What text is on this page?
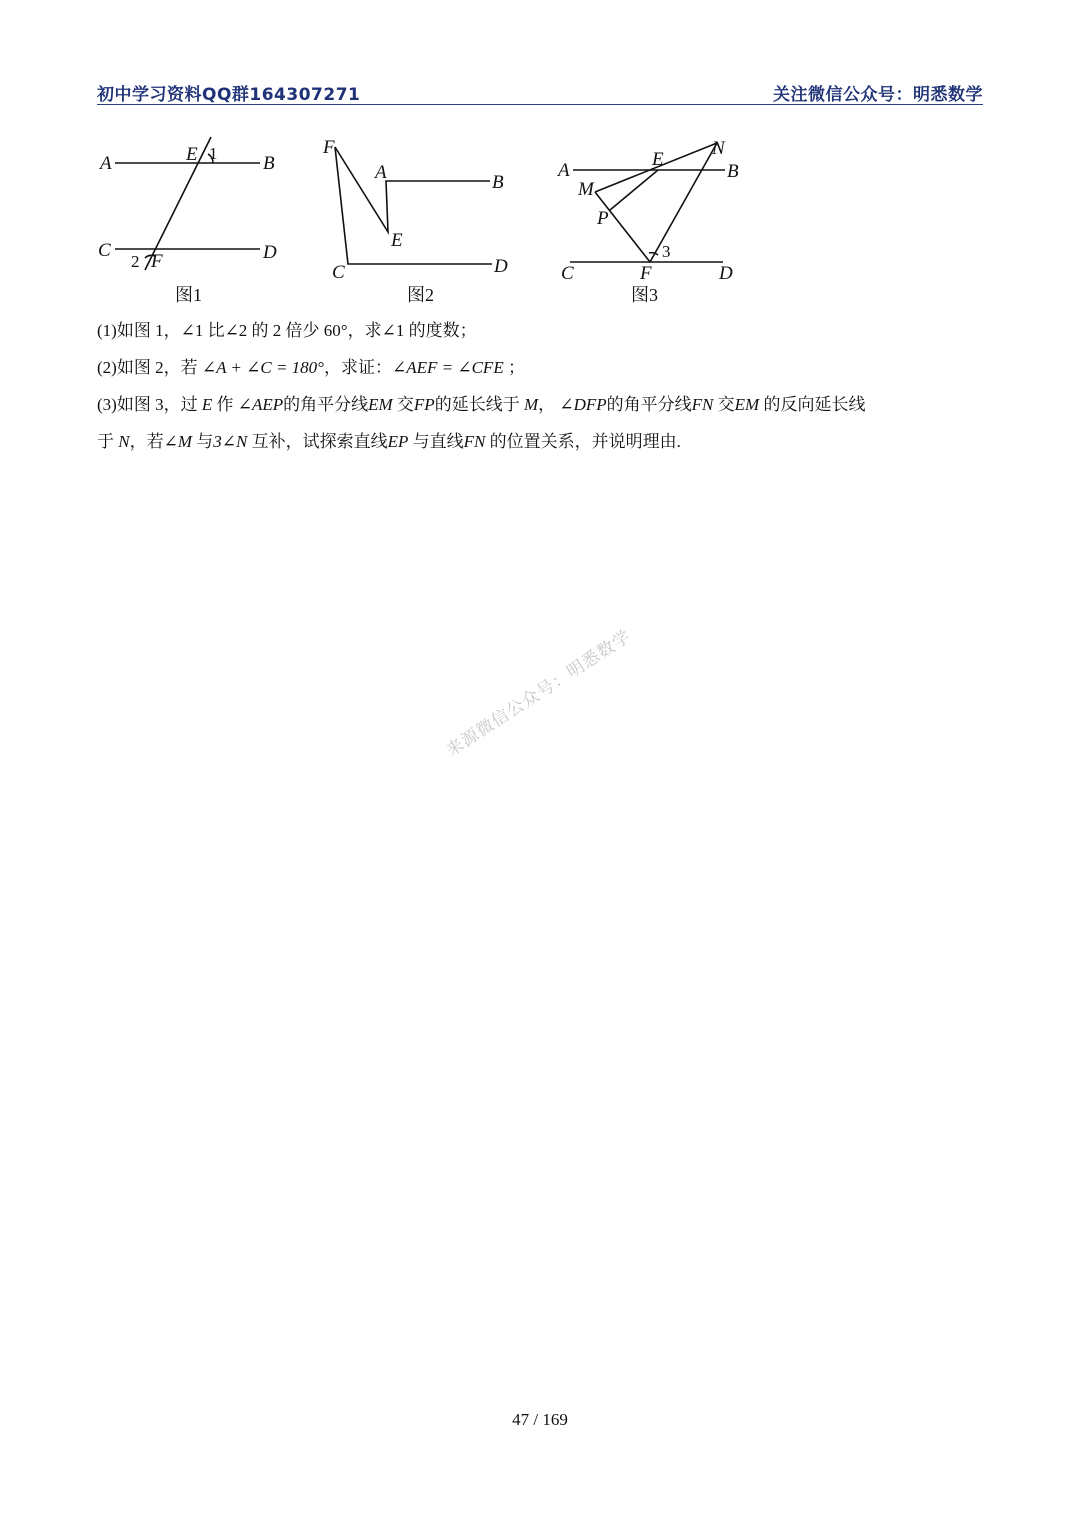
初中学习资料QQ群164307271	关注微信公众号：明悉数学
A	B
E 1
C	D
2 F
图1
F
A	B
E
C	D
图2
A
E
N
B
M
P
3
C	F	D
图3
(1)如图 1，∠1 比∠2 的 2 倍少 60°，求∠1 的度数；
(2)如图 2，若 ∠A + ∠C = 180°，求证：∠AEF = ∠CFE ；
(3)如图 3，过 E 作 ∠AEP的角平分线EM 交FP的延长线于 M， ∠DFP的角平分线FN 交EM 的反向延长线
于 N，若∠M 与3∠N 互补，试探索直线EP 与直线FN 的位置关系，并说明理由.
来源微信公众号：明悉数学
47 / 169
